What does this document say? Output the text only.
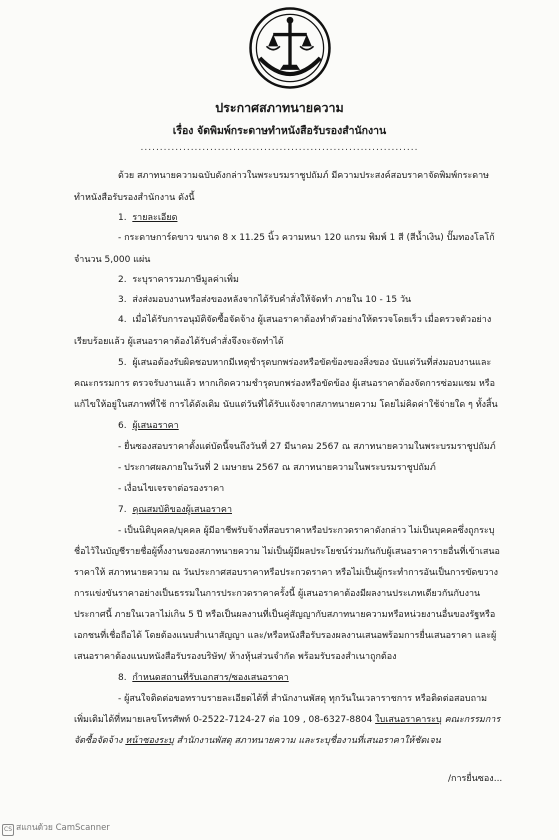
ประกาศสภาทนายความ
เรื่อง จัดพิมพ์กระดาษทำหนังสือรับรองสำนักงาน
........................................................................
ด้วย สภาทนายความฉบับดังกล่าวในพระบรมราชูปถัมภ์ มีความประสงค์สอบราคาจัดพิมพ์กระดาษ
ทำหนังสือรับรองสำนักงาน ดังนี้
1. รายละเอียด
- กระดาษการ์ดขาว ขนาด 8 x 11.25 นิ้ว ความหนา 120 แกรม พิมพ์ 1 สี (สีน้ำเงิน) ปั๊มทองโลโก้
จำนวน 5,000 แผ่น
2. ระบุราคารวมภาษีมูลค่าเพิ่ม
3. ส่งส่งมอบงานหรือส่งของหลังจากได้รับคำสั่งให้จัดทำ ภายใน 10 - 15 วัน
4. เมื่อได้รับการอนุมัติจัดซื้อจัดจ้าง ผู้เสนอราคาต้องทำตัวอย่างให้ตรวจโดยเร็ว เมื่อตรวจตัวอย่าง
เรียบร้อยแล้ว ผู้เสนอราคาต้องได้รับคำสั่งจึงจะจัดทำได้
5. ผู้เสนอต้องรับผิดชอบหากมีเหตุชำรุดบกพร่องหรือขัดข้องของสิ่งของ นับแต่วันที่ส่งมอบงานและ
คณะกรรมการ ตรวจรับงานแล้ว หากเกิดความชำรุดบกพร่องหรือขัดข้อง ผู้เสนอราคาต้องจัดการซ่อมแซม หรือ
แก้ไขให้อยู่ในสภาพที่ใช้ การได้ดังเดิม นับแต่วันที่ได้รับแจ้งจากสภาทนายความ โดยไม่คิดค่าใช้จ่ายใด ๆ ทั้งสิ้น
6. ผู้เสนอราคา
- ยื่นซองสอบราคาตั้งแต่บัดนี้จนถึงวันที่ 27 มีนาคม 2567 ณ สภาทนายความในพระบรมราชูปถัมภ์
- ประกาศผลภายในวันที่ 2 เมษายน 2567 ณ สภาทนายความในพระบรมราชูปถัมภ์
- เงื่อนไขเจรจาต่อรองราคา
7. คุณสมบัติของผู้เสนอราคา
- เป็นนิติบุคคล/บุคคล ผู้มีอาชีพรับจ้างที่สอบราคาหรือประกวดราคาดังกล่าว ไม่เป็นบุคคลซึ่งถูกระบุ
ชื่อไว้ในบัญชีรายชื่อผู้ทิ้งงานของสภาทนายความ ไม่เป็นผู้มีผลประโยชน์ร่วมกันกับผู้เสนอราคารายอื่นที่เข้าเสนอ
ราคาให้ สภาทนายความ ณ วันประกาศสอบราคาหรือประกวดราคา หรือไม่เป็นผู้กระทำการอันเป็นการขัดขวาง
การแข่งขันราคาอย่างเป็นธรรมในการประกวดราคาครั้งนี้ ผู้เสนอราคาต้องมีผลงานประเภทเดียวกันกับงาน
ประกาศนี้ ภายในเวลาไม่เกิน 5 ปี หรือเป็นผลงานที่เป็นคู่สัญญากับสภาทนายความหรือหน่วยงานอื่นของรัฐหรือ
เอกชนที่เชื่อถือได้ โดยต้องแนบสำเนาสัญญา และ/หรือหนังสือรับรองผลงานเสนอพร้อมการยื่นเสนอราคา และผู้
เสนอราคาต้องแนบหนังสือรับรองบริษัท/ ห้างหุ้นส่วนจำกัด พร้อมรับรองสำเนาถูกต้อง
8. กำหนดสถานที่รับเอกสาร/ซองเสนอราคา
- ผู้สนใจติดต่อขอทราบรายละเอียดได้ที่ สำนักงานพัสดุ ทุกวันในเวลาราชการ หรือติดต่อสอบถาม
เพิ่มเติมได้ที่หมายเลขโทรศัพท์ 0-2522-7124-27 ต่อ 109 , 08-6327-8804 ใบเสนอราคาระบุ คณะกรรมการ
จัดซื้อจัดจ้าง หน้าซองระบุ สำนักงานพัสดุ สภาทนายความ และระบุชื่องานที่เสนอราคาให้ชัดเจน
/การยื่นซอง...
CS สแกนด้วย CamScanner
